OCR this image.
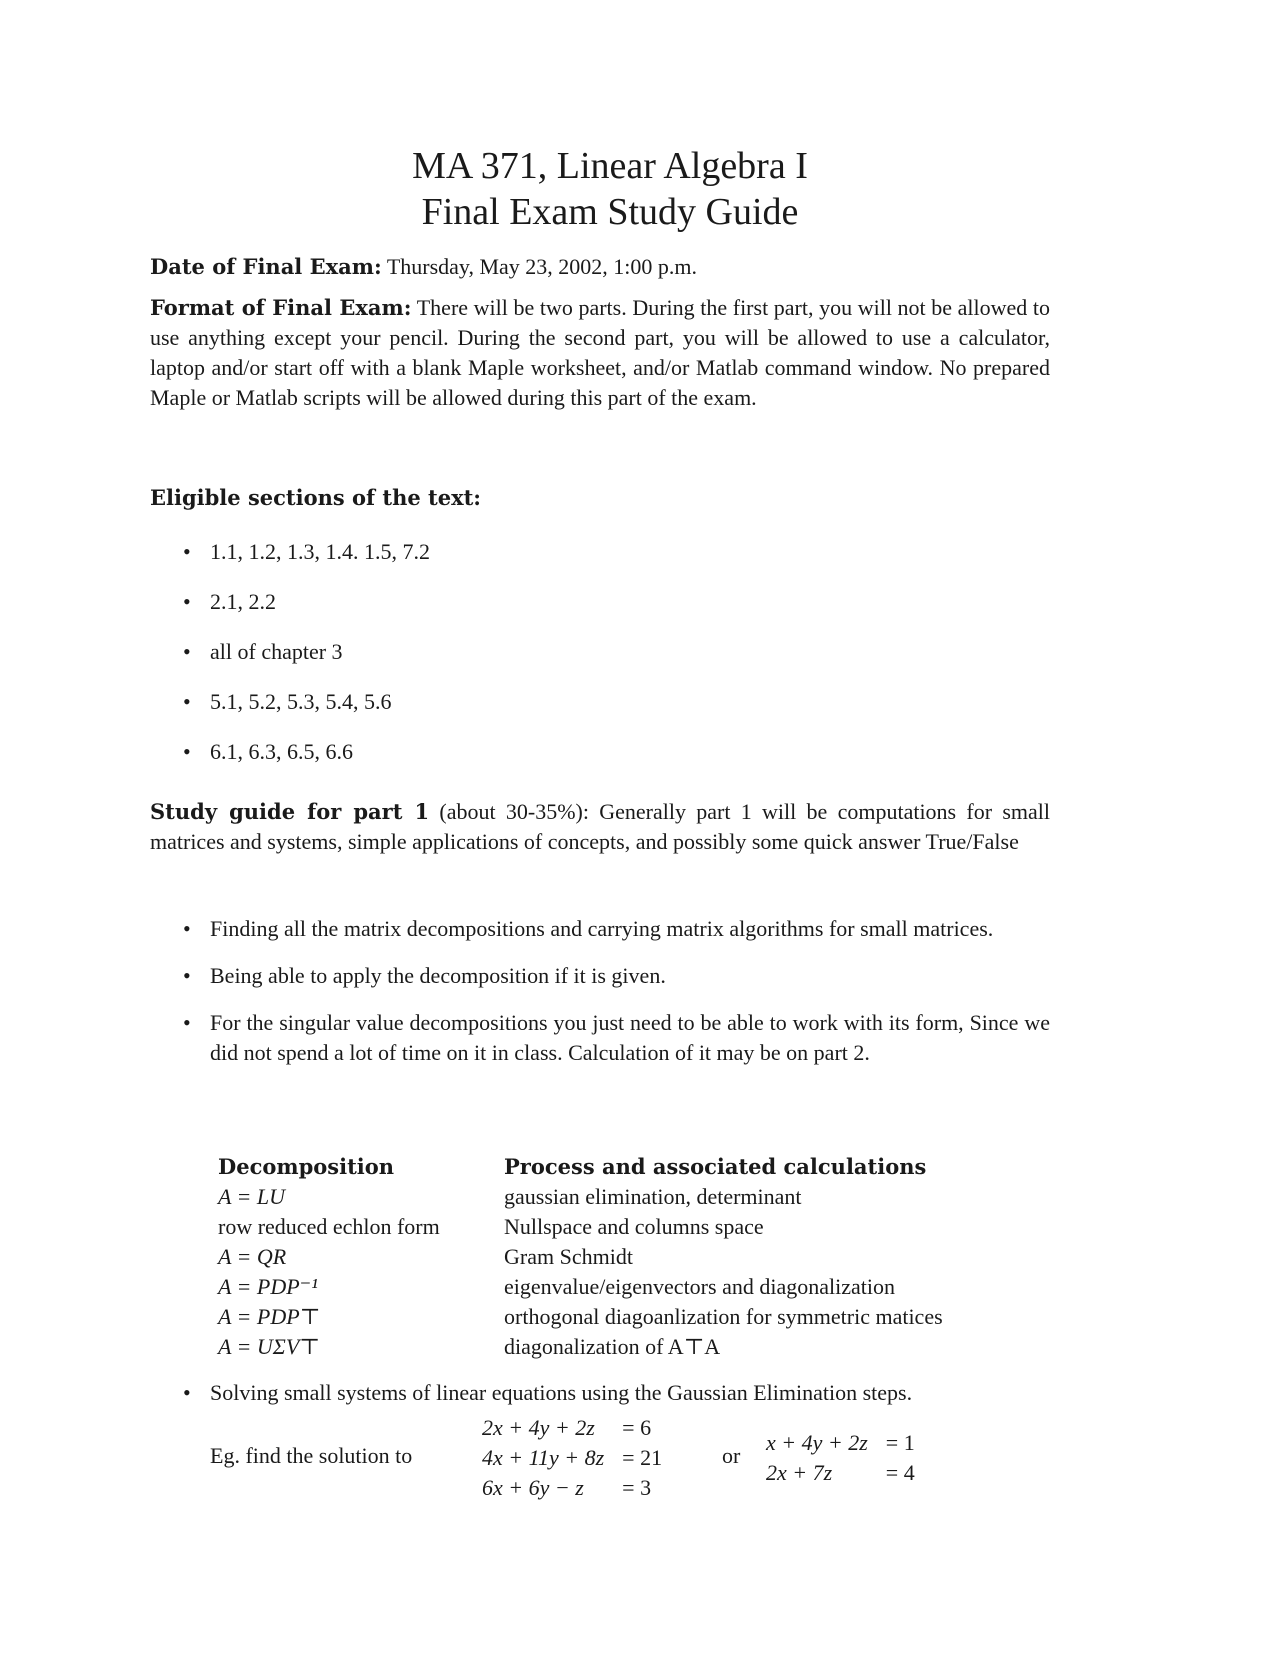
MA 371, Linear Algebra I
Final Exam Study Guide
Date of Final Exam: Thursday, May 23, 2002, 1:00 p.m.
Format of Final Exam: There will be two parts. During the first part, you will not be allowed to use anything except your pencil. During the second part, you will be allowed to use a calculator, laptop and/or start off with a blank Maple worksheet, and/or Matlab command window. No prepared Maple or Matlab scripts will be allowed during this part of the exam.
Eligible sections of the text:
• 1.1, 1.2, 1.3, 1.4. 1.5, 7.2
• 2.1, 2.2
• all of chapter 3
• 5.1, 5.2, 5.3, 5.4, 5.6
• 6.1, 6.3, 6.5, 6.6
Study guide for part 1 (about 30-35%): Generally part 1 will be computations for small matrices and systems, simple applications of concepts, and possibly some quick answer True/False
• Finding all the matrix decompositions and carrying matrix algorithms for small matrices.
• Being able to apply the decomposition if it is given.
• For the singular value decompositions you just need to be able to work with its form, Since we did not spend a lot of time on it in class. Calculation of it may be on part 2.
Decomposition	Process and associated calculations
A = LU	gaussian elimination, determinant
row reduced echlon form	Nullspace and columns space
A = QR	Gram Schmidt
A = PDP⁻¹	eigenvalue/eigenvectors and diagonalization
A = PDP⊤	orthogonal diagoanlization for symmetric matices
A = UΣV⊤	diagonalization of A⊤A
• Solving small systems of linear equations using the Gaussian Elimination steps.
Eg. find the solution to
2x + 4y + 2z	= 6
4x + 11y + 8z	= 21
6x + 6y − z	= 3
or
x + 4y + 2z	= 1
2x + 7z	= 4
